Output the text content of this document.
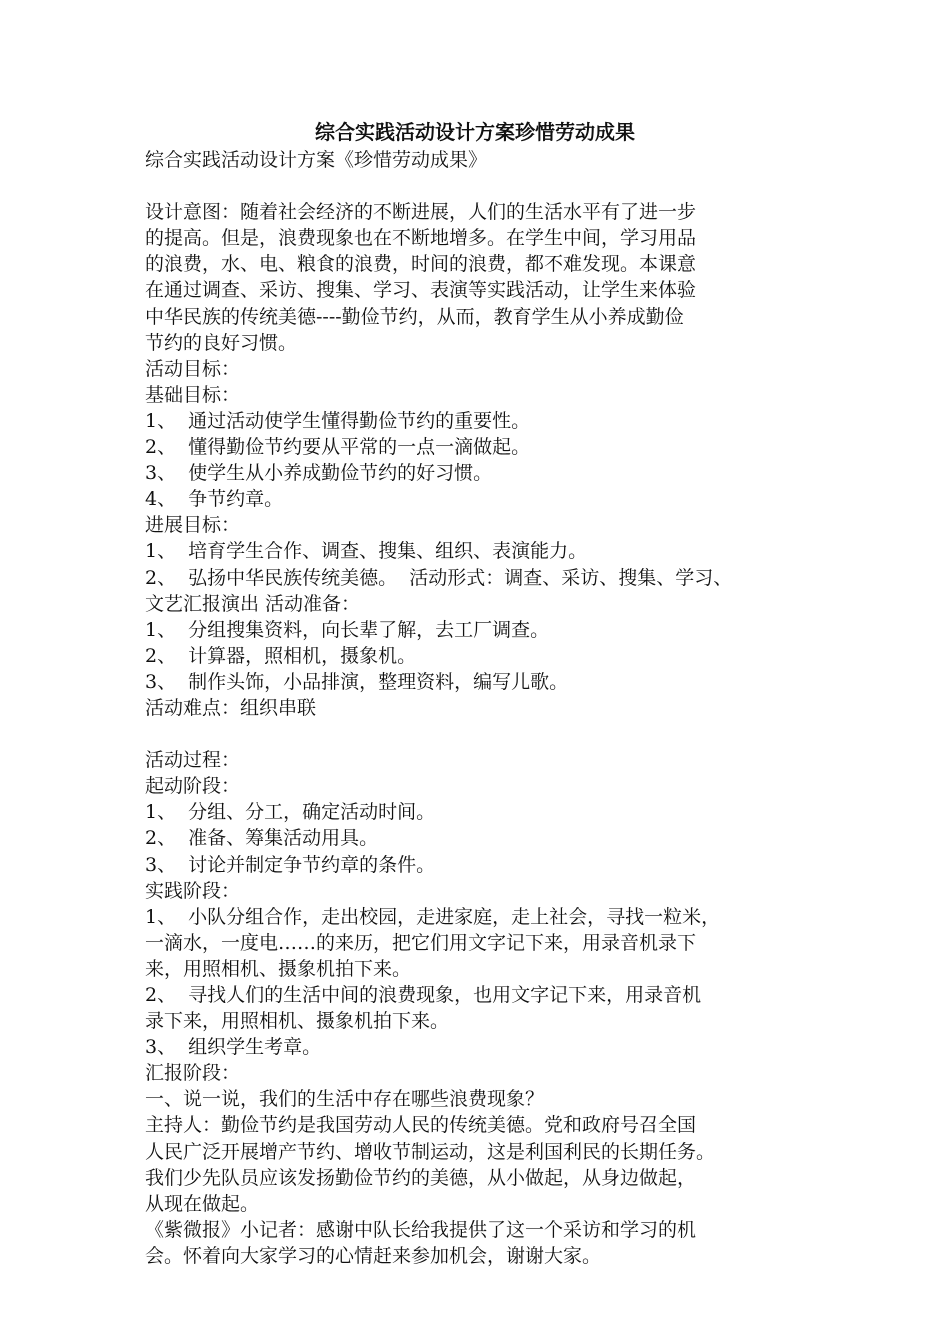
综合实践活动设计方案珍惜劳动成果
综合实践活动设计方案《珍惜劳动成果》
设计意图：随着社会经济的不断进展，人们的生活水平有了进一步
的提高。但是，浪费现象也在不断地增多。在学生中间，学习用品
的浪费，水、电、粮食的浪费，时间的浪费，都不难发现。本课意
在通过调查、采访、搜集、学习、表演等实践活动，让学生来体验
中华民族的传统美德----勤俭节约，从而，教育学生从小养成勤俭
节约的良好习惯。
活动目标：
基础目标：
1、  通过活动使学生懂得勤俭节约的重要性。
2、  懂得勤俭节约要从平常的一点一滴做起。
3、  使学生从小养成勤俭节约的好习惯。
4、  争节约章。
进展目标：
1、  培育学生合作、调查、搜集、组织、表演能力。
2、  弘扬中华民族传统美德。  活动形式：调查、采访、搜集、学习、
文艺汇报演出 活动准备：
1、  分组搜集资料，向长辈了解，去工厂调查。
2、  计算器，照相机，摄象机。
3、  制作头饰，小品排演，整理资料，编写儿歌。
活动难点：组织串联
活动过程：
起动阶段：
1、  分组、分工，确定活动时间。
2、  准备、筹集活动用具。
3、  讨论并制定争节约章的条件。
实践阶段：
1、  小队分组合作，走出校园，走进家庭，走上社会，寻找一粒米，
一滴水，一度电……的来历，把它们用文字记下来，用录音机录下
来，用照相机、摄象机拍下来。
2、  寻找人们的生活中间的浪费现象，也用文字记下来，用录音机
录下来，用照相机、摄象机拍下来。
3、  组织学生考章。
汇报阶段：
一、说一说，我们的生活中存在哪些浪费现象？
主持人：勤俭节约是我国劳动人民的传统美德。党和政府号召全国
人民广泛开展增产节约、增收节制运动，这是利国利民的长期任务。
我们少先队员应该发扬勤俭节约的美德，从小做起，从身边做起，
从现在做起。
《紫微报》小记者：感谢中队长给我提供了这一个采访和学习的机
会。怀着向大家学习的心情赶来参加机会，谢谢大家。
